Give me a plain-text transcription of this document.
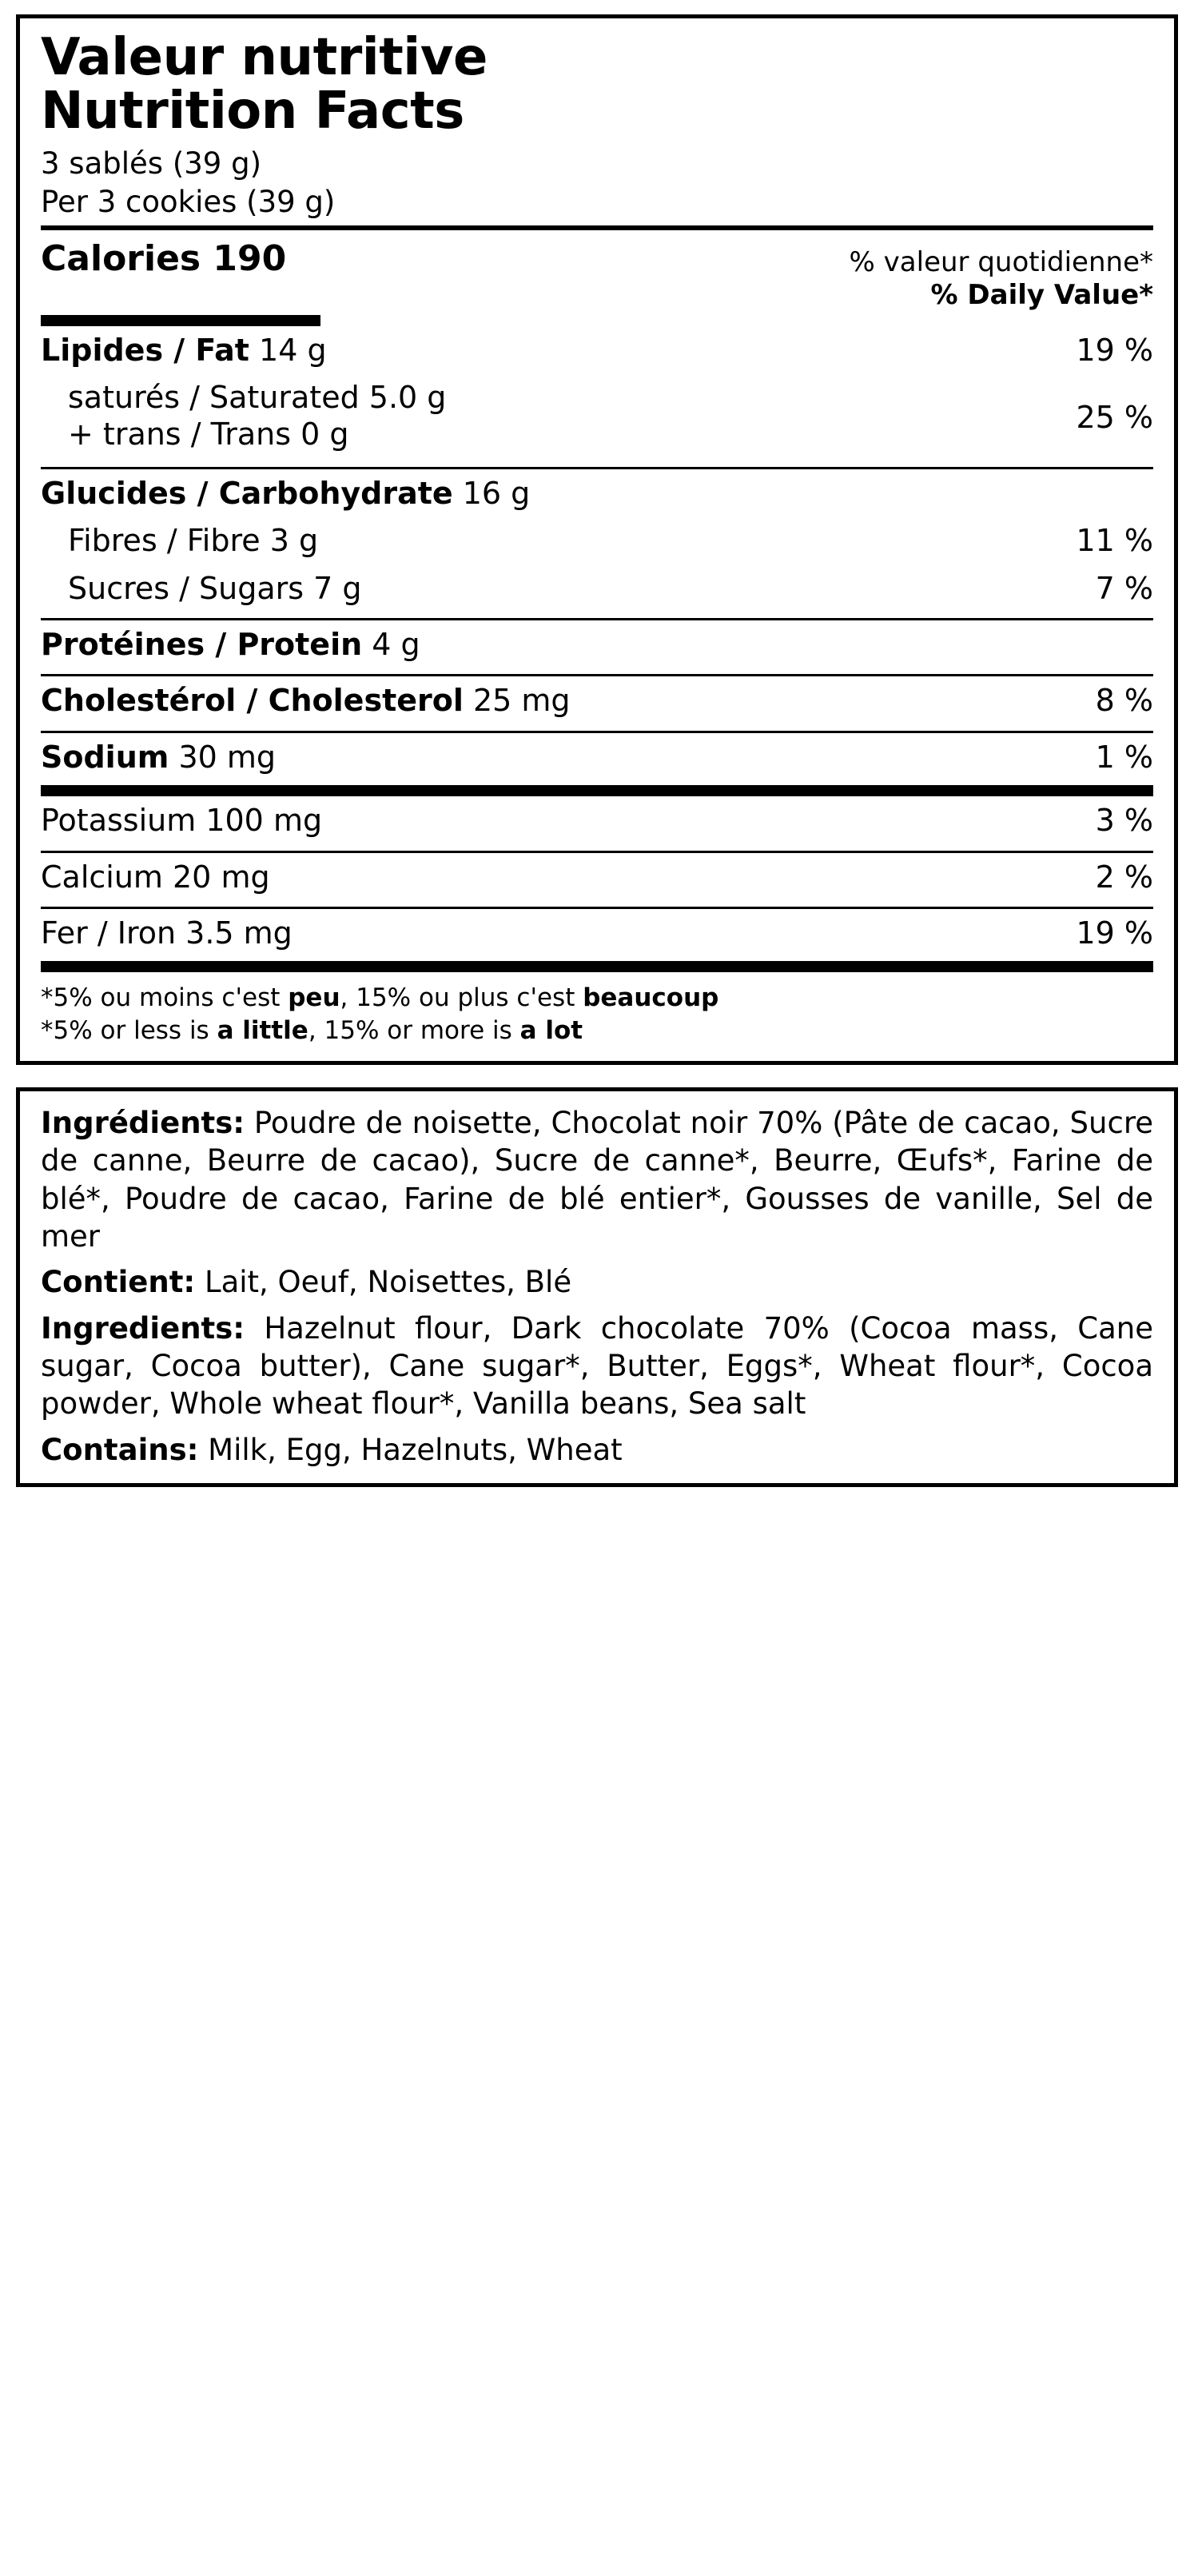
Valeur nutritive
Nutrition Facts
3 sablés (39 g)
Per 3 cookies (39 g)
Calories 190	% valeur quotidienne*
% Daily Value*
Lipides / Fat 14 g	19 %
saturés / Saturated 5.0 g
+ trans / Trans 0 g	25 %
Glucides / Carbohydrate 16 g
Fibres / Fibre 3 g	11 %
Sucres / Sugars 7 g	7 %
Protéines / Protein 4 g
Cholestérol / Cholesterol 25 mg	8 %
Sodium 30 mg	1 %
Potassium 100 mg	3 %
Calcium 20 mg	2 %
Fer / Iron 3.5 mg	19 %
*5% ou moins c'est peu, 15% ou plus c'est beaucoup
*5% or less is a little, 15% or more is a lot
Ingrédients: Poudre de noisette, Chocolat noir 70% (Pâte de cacao, Sucre de canne, Beurre de cacao), Sucre de canne*, Beurre, Œufs*, Farine de blé*, Poudre de cacao, Farine de blé entier*, Gousses de vanille, Sel de mer
Contient: Lait, Oeuf, Noisettes, Blé
Ingredients: Hazelnut flour, Dark chocolate 70% (Cocoa mass, Cane sugar, Cocoa butter), Cane sugar*, Butter, Eggs*, Wheat flour*, Cocoa powder, Whole wheat flour*, Vanilla beans, Sea salt
Contains: Milk, Egg, Hazelnuts, Wheat
